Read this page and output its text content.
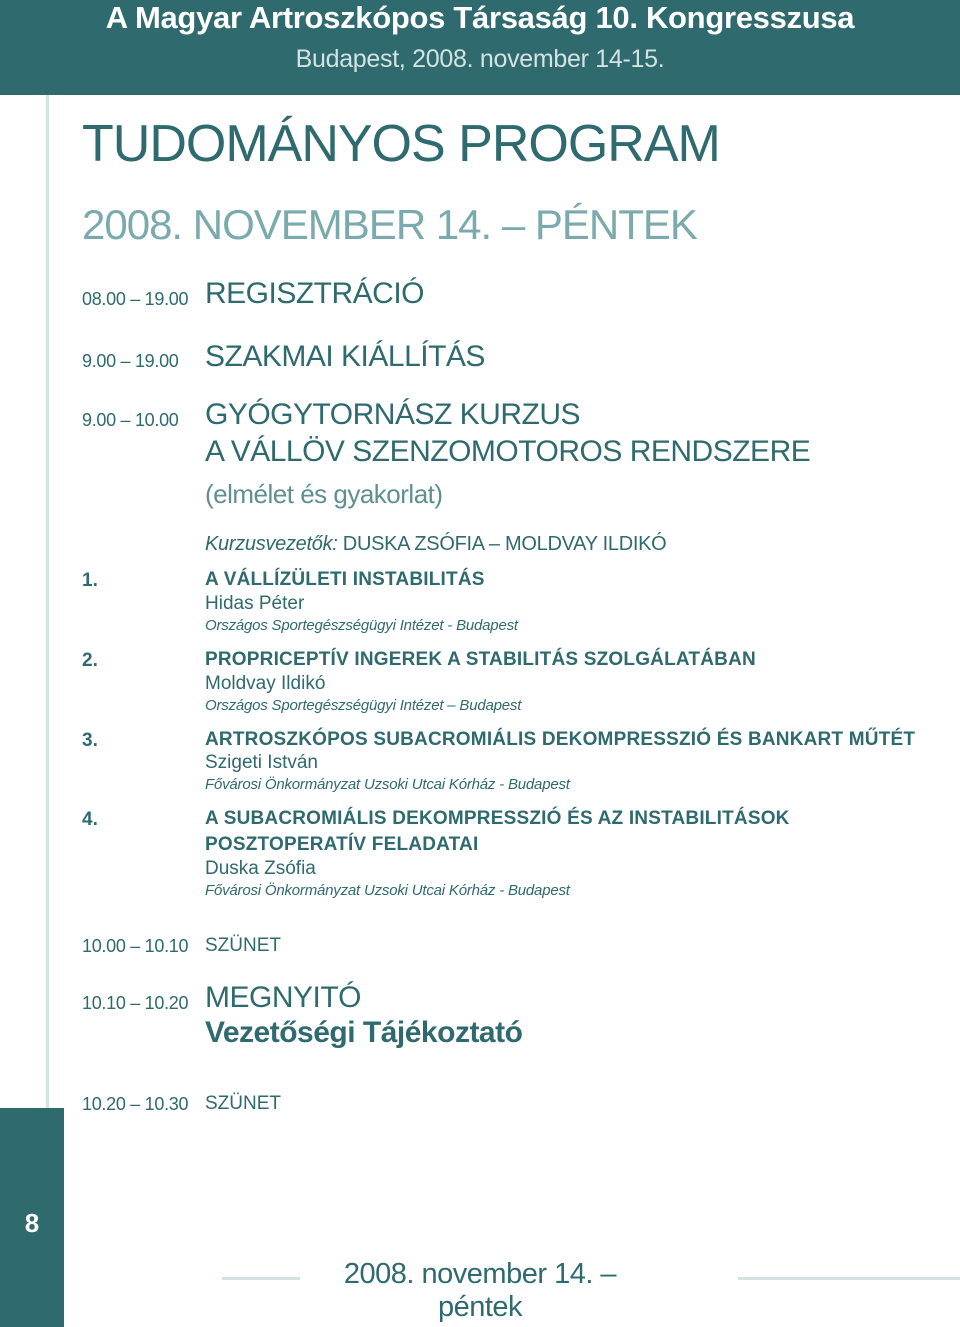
A Magyar Artroszkópos Társaság 10. Kongresszusa
Budapest, 2008. november 14-15.
TUDOMÁNYOS PROGRAM
2008. NOVEMBER 14. – PÉNTEK
08.00 – 19.00 REGISZTRÁCIÓ
9.00 – 19.00 SZAKMAI KIÁLLÍTÁS
9.00 – 10.00 GYÓGYTORNÁSZ KURZUS
A VÁLLÖV SZENZOMOTOROS RENDSZERE
(elmélet és gyakorlat)
Kurzusvezetők: DUSKA ZSÓFIA – MOLDVAY ILDIKÓ
1.	A VÁLLÍZÜLETI INSTABILITÁS
Hidas Péter
Országos Sportegészségügyi Intézet - Budapest
2.	PROPRICEPTÍV INGEREK A STABILITÁS SZOLGÁLATÁBAN
Moldvay Ildikó
Országos Sportegészségügyi Intézet – Budapest
3.	ARTROSZKÓPOS SUBACROMIÁLIS DEKOMPRESSZIÓ ÉS BANKART MŰTÉT
Szigeti István
Fővárosi Önkormányzat Uzsoki Utcai Kórház - Budapest
4.	A SUBACROMIÁLIS DEKOMPRESSZIÓ ÉS AZ INSTABILITÁSOK
POSZTOPERATÍV FELADATAI
Duska Zsófia
Fővárosi Önkormányzat Uzsoki Utcai Kórház - Budapest
10.00 – 10.10 SZÜNET
10.10 – 10.20 MEGNYITÓ
Vezetőségi Tájékoztató
10.20 – 10.30 SZÜNET
8
2008. november 14. – péntek
